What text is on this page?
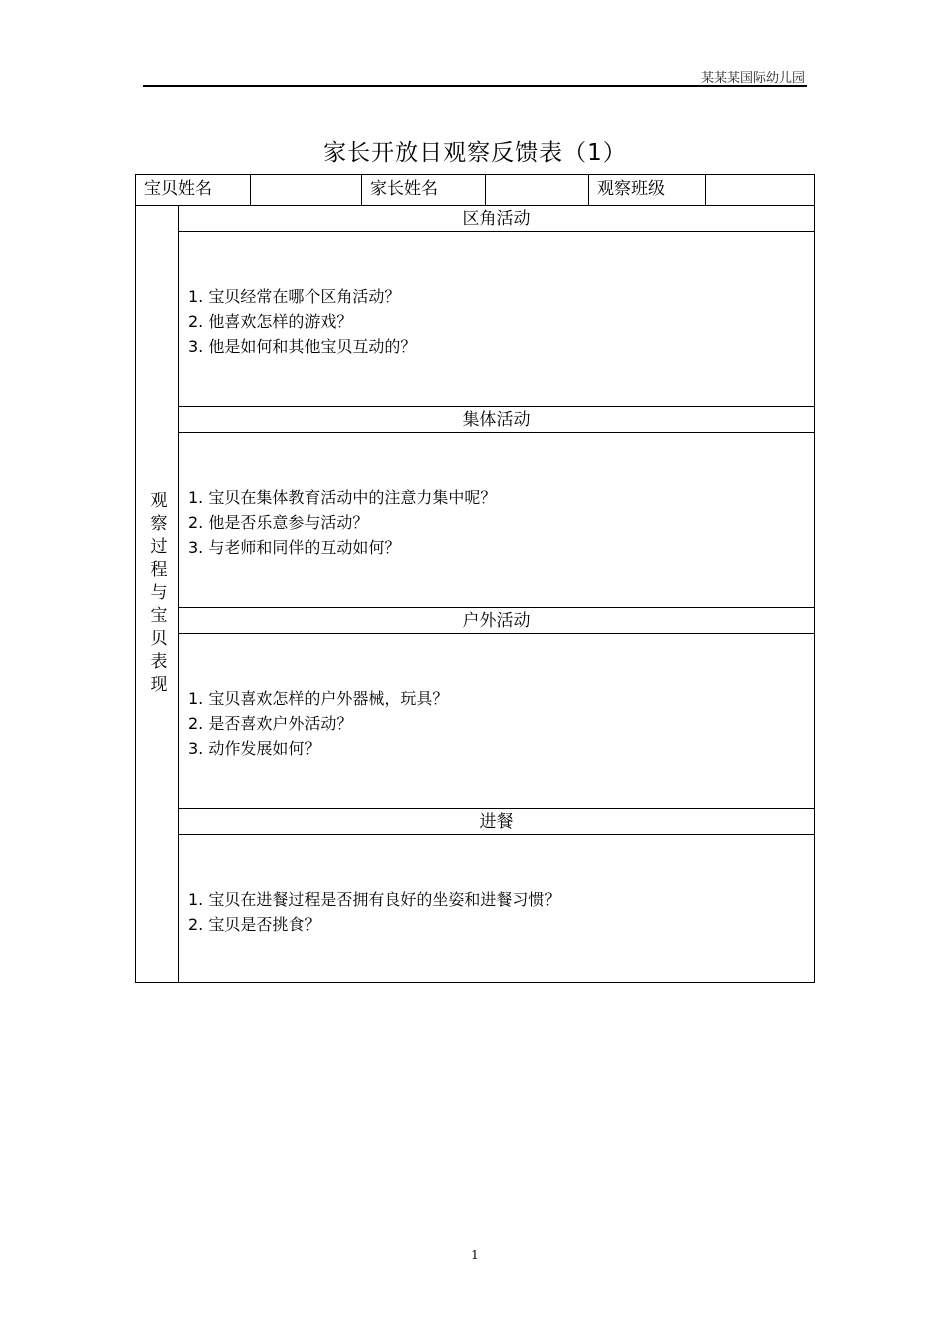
某某某国际幼儿园
家长开放日观察反馈表（1）
宝贝姓名	家长姓名	观察班级
观察过程与宝贝表现
区角活动
1. 宝贝经常在哪个区角活动？
2. 他喜欢怎样的游戏？
3. 他是如何和其他宝贝互动的？
集体活动
1. 宝贝在集体教育活动中的注意力集中呢？
2. 他是否乐意参与活动？
3. 与老师和同伴的互动如何？
户外活动
1. 宝贝喜欢怎样的户外器械，玩具？
2. 是否喜欢户外活动？
3. 动作发展如何？
进餐
1. 宝贝在进餐过程是否拥有良好的坐姿和进餐习惯？
2. 宝贝是否挑食？
1
